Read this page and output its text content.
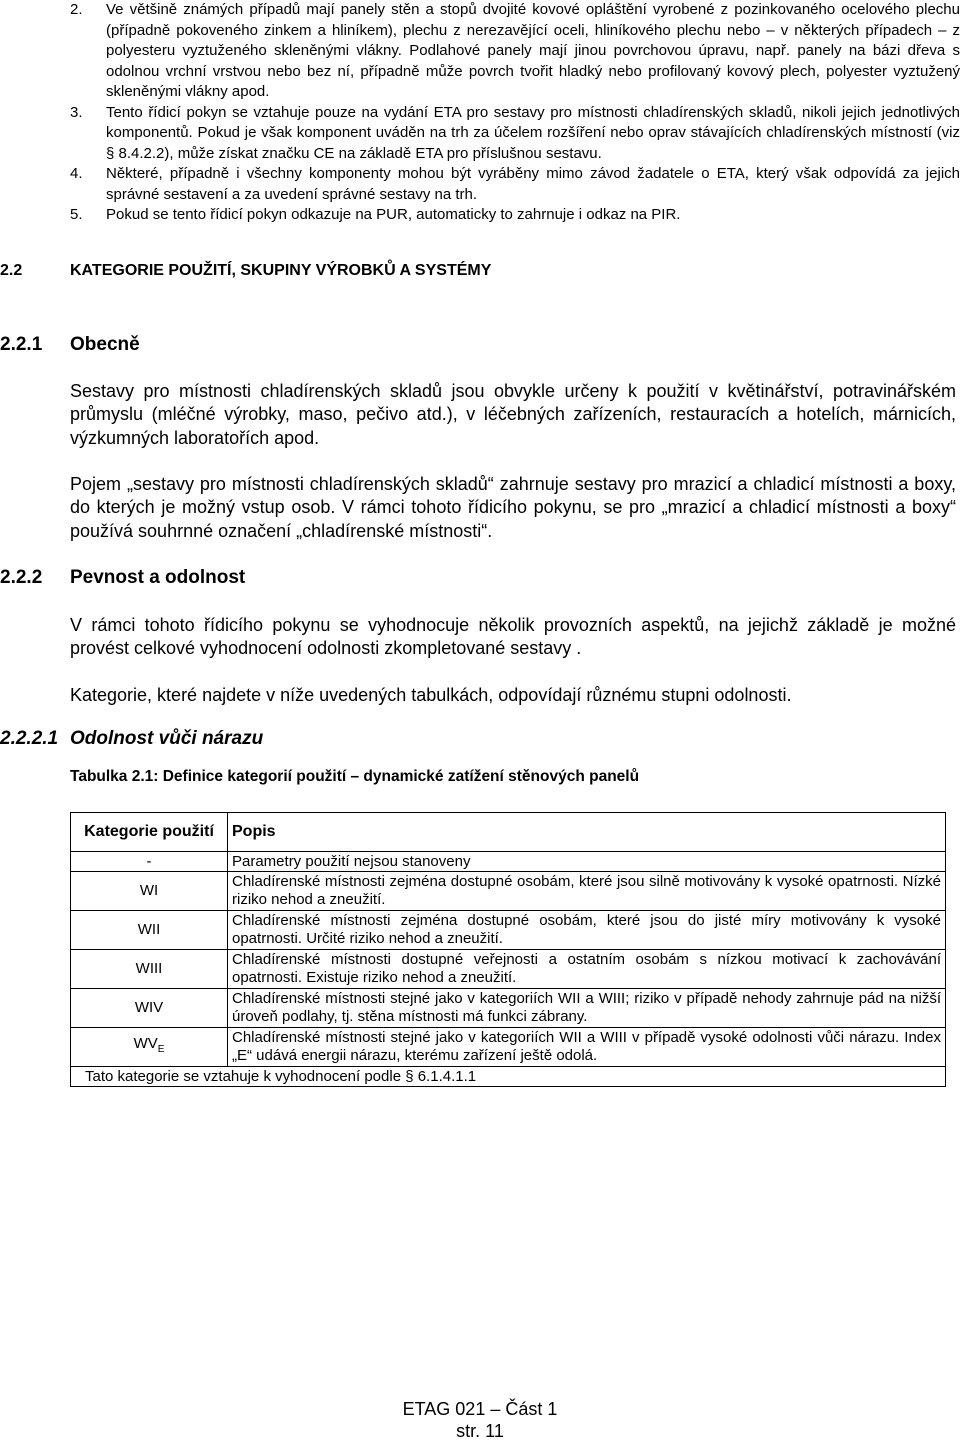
2. Ve většině známých případů mají panely stěn a stopů dvojité kovové opláštění vyrobené z pozinkovaného ocelového plechu (případně pokoveného zinkem a hliníkem), plechu z nerezavějící oceli, hliníkového plechu nebo – v některých případech – z polyesteru vyztuženého skleněnými vlákny. Podlahové panely mají jinou povrchovou úpravu, např. panely na bázi dřeva s odolnou vrchní vrstvou nebo bez ní, případně může povrch tvořit hladký nebo profilovaný kovový plech, polyester vyztužený skleněnými vlákny apod.

3. Tento řídicí pokyn se vztahuje pouze na vydání ETA pro sestavy pro místnosti chladírenských skladů, nikoli jejich jednotlivých komponentů. Pokud je však komponent uváděn na trh za účelem rozšíření nebo oprav stávajících chladírenských místností (viz § 8.4.2.2), může získat značku CE na základě ETA pro příslušnou sestavu.

4. Některé, případně i všechny komponenty mohou být vyráběny mimo závod žadatele o ETA, který však odpovídá za jejich správné sestavení a za uvedení správné sestavy na trh.

5. Pokud se tento řídicí pokyn odkazuje na PUR, automaticky to zahrnuje i odkaz na PIR.

2.2	KATEGORIE POUŽITÍ, SKUPINY VÝROBKŮ A SYSTÉMY
2.2.1 Obecně

Sestavy pro místnosti chladírenských skladů jsou obvykle určeny k použití v květinářství, potravinářském průmyslu (mléčné výrobky, maso, pečivo atd.), v léčebných zařízeních, restauracích a hotelích, márnicích, výzkumných laboratořích apod.

Pojem „sestavy pro místnosti chladírenských skladů“ zahrnuje sestavy pro mrazicí a chladicí místnosti a boxy, do kterých je možný vstup osob. V rámci tohoto řídicího pokynu, se pro „mrazicí a chladicí místnosti a boxy“ používá souhrnné označení „chladírenské místnosti“.

2.2.2 Pevnost a odolnost

V rámci tohoto řídicího pokynu se vyhodnocuje několik provozních aspektů, na jejichž základě je možné provést celkové vyhodnocení odolnosti zkompletované sestavy .

Kategorie, které najdete v níže uvedených tabulkách, odpovídají různému stupni odolnosti.

2.2.2.1 Odolnost vůči nárazu
Tabulka 2.1: Definice kategorií použití – dynamické zatížení stěnových panelů
Kategorie použití	Popis
-	Parametry použití nejsou stanoveny
WI	Chladírenské místnosti zejména dostupné osobám, které jsou silně motivovány k vysoké opatrnosti. Nízké riziko nehod a zneužití.
WII	Chladírenské místnosti zejména dostupné osobám, které jsou do jisté míry motivovány k vysoké opatrnosti. Určité riziko nehod a zneužití.
WIII	Chladírenské místnosti dostupné veřejnosti a ostatním osobám s nízkou motivací k zachovávání opatrnosti. Existuje riziko nehod a zneužití.
WIV	Chladírenské místnosti stejné jako v kategoriích WII a WIII; riziko v případě nehody zahrnuje pád na nižší úroveň podlahy, tj. stěna místnosti má funkci zábrany.
$WV_E$	Chladírenské místnosti stejné jako v kategoriích WII a WIII v případě vysoké odolnosti vůči nárazu. Index „E“ udává energii nárazu, kterému zařízení ještě odolá.
Tato kategorie se vztahuje k vyhodnocení podle § 6.1.4.1.1	
ETAG 021 – Část 1
str. 11
